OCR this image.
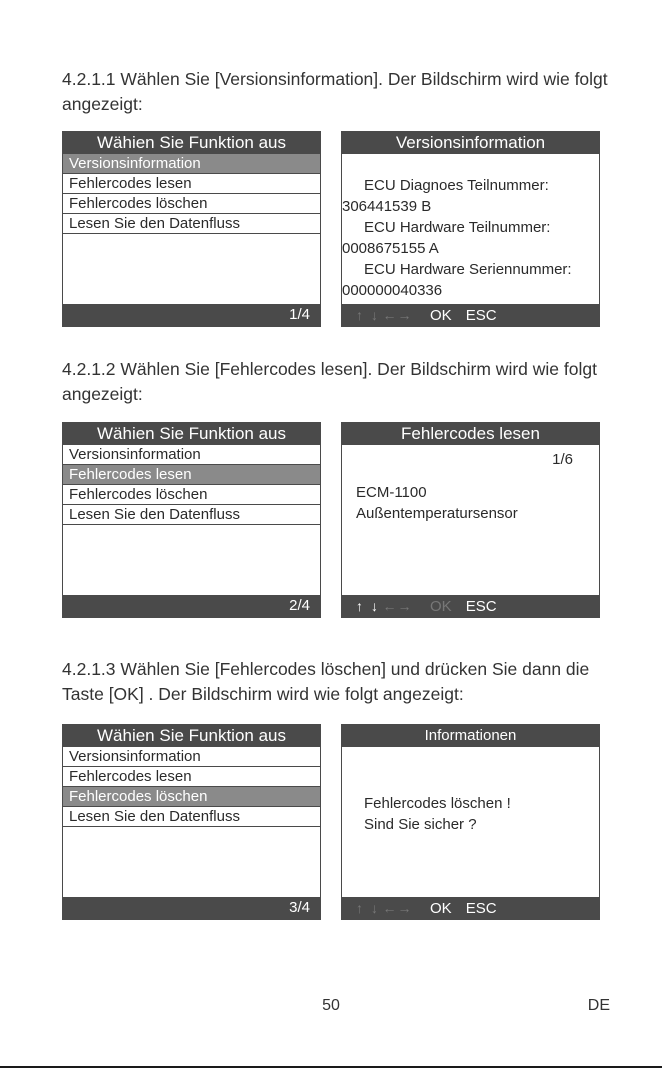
4.2.1.1 Wählen Sie [Versionsinformation]. Der Bildschirm wird wie folgt angezeigt:

Wähien Sie Funktion aus
Versionsinformation
Fehlercodes lesen
Fehlercodes löschen
Lesen Sie den Datenfluss
1/4
Versionsinformation
ECU Diagnoes Teilnummer:
306441539 B
ECU Hardware Teilnummer:
0008675155 A
ECU Hardware Seriennummer:
000000040336
↑ ↓ ←→ OK ESC

4.2.1.2 Wählen Sie [Fehlercodes lesen]. Der Bildschirm wird wie folgt angezeigt:

Wähien Sie Funktion aus
Versionsinformation
Fehlercodes lesen
Fehlercodes löschen
Lesen Sie den Datenfluss
2/4
Fehlercodes lesen
1/6
ECM-1100
Außentemperatursensor
↑ ↓ ←→ OK ESC

4.2.1.3 Wählen Sie [Fehlercodes löschen] und drücken Sie dann die Taste [OK] . Der Bildschirm wird wie folgt angezeigt:

Wähien Sie Funktion aus
Versionsinformation
Fehlercodes lesen
Fehlercodes löschen
Lesen Sie den Datenfluss
3/4
Informationen
Fehlercodes löschen !
Sind Sie sicher ?
↑ ↓ ←→ OK ESC
50	DE
